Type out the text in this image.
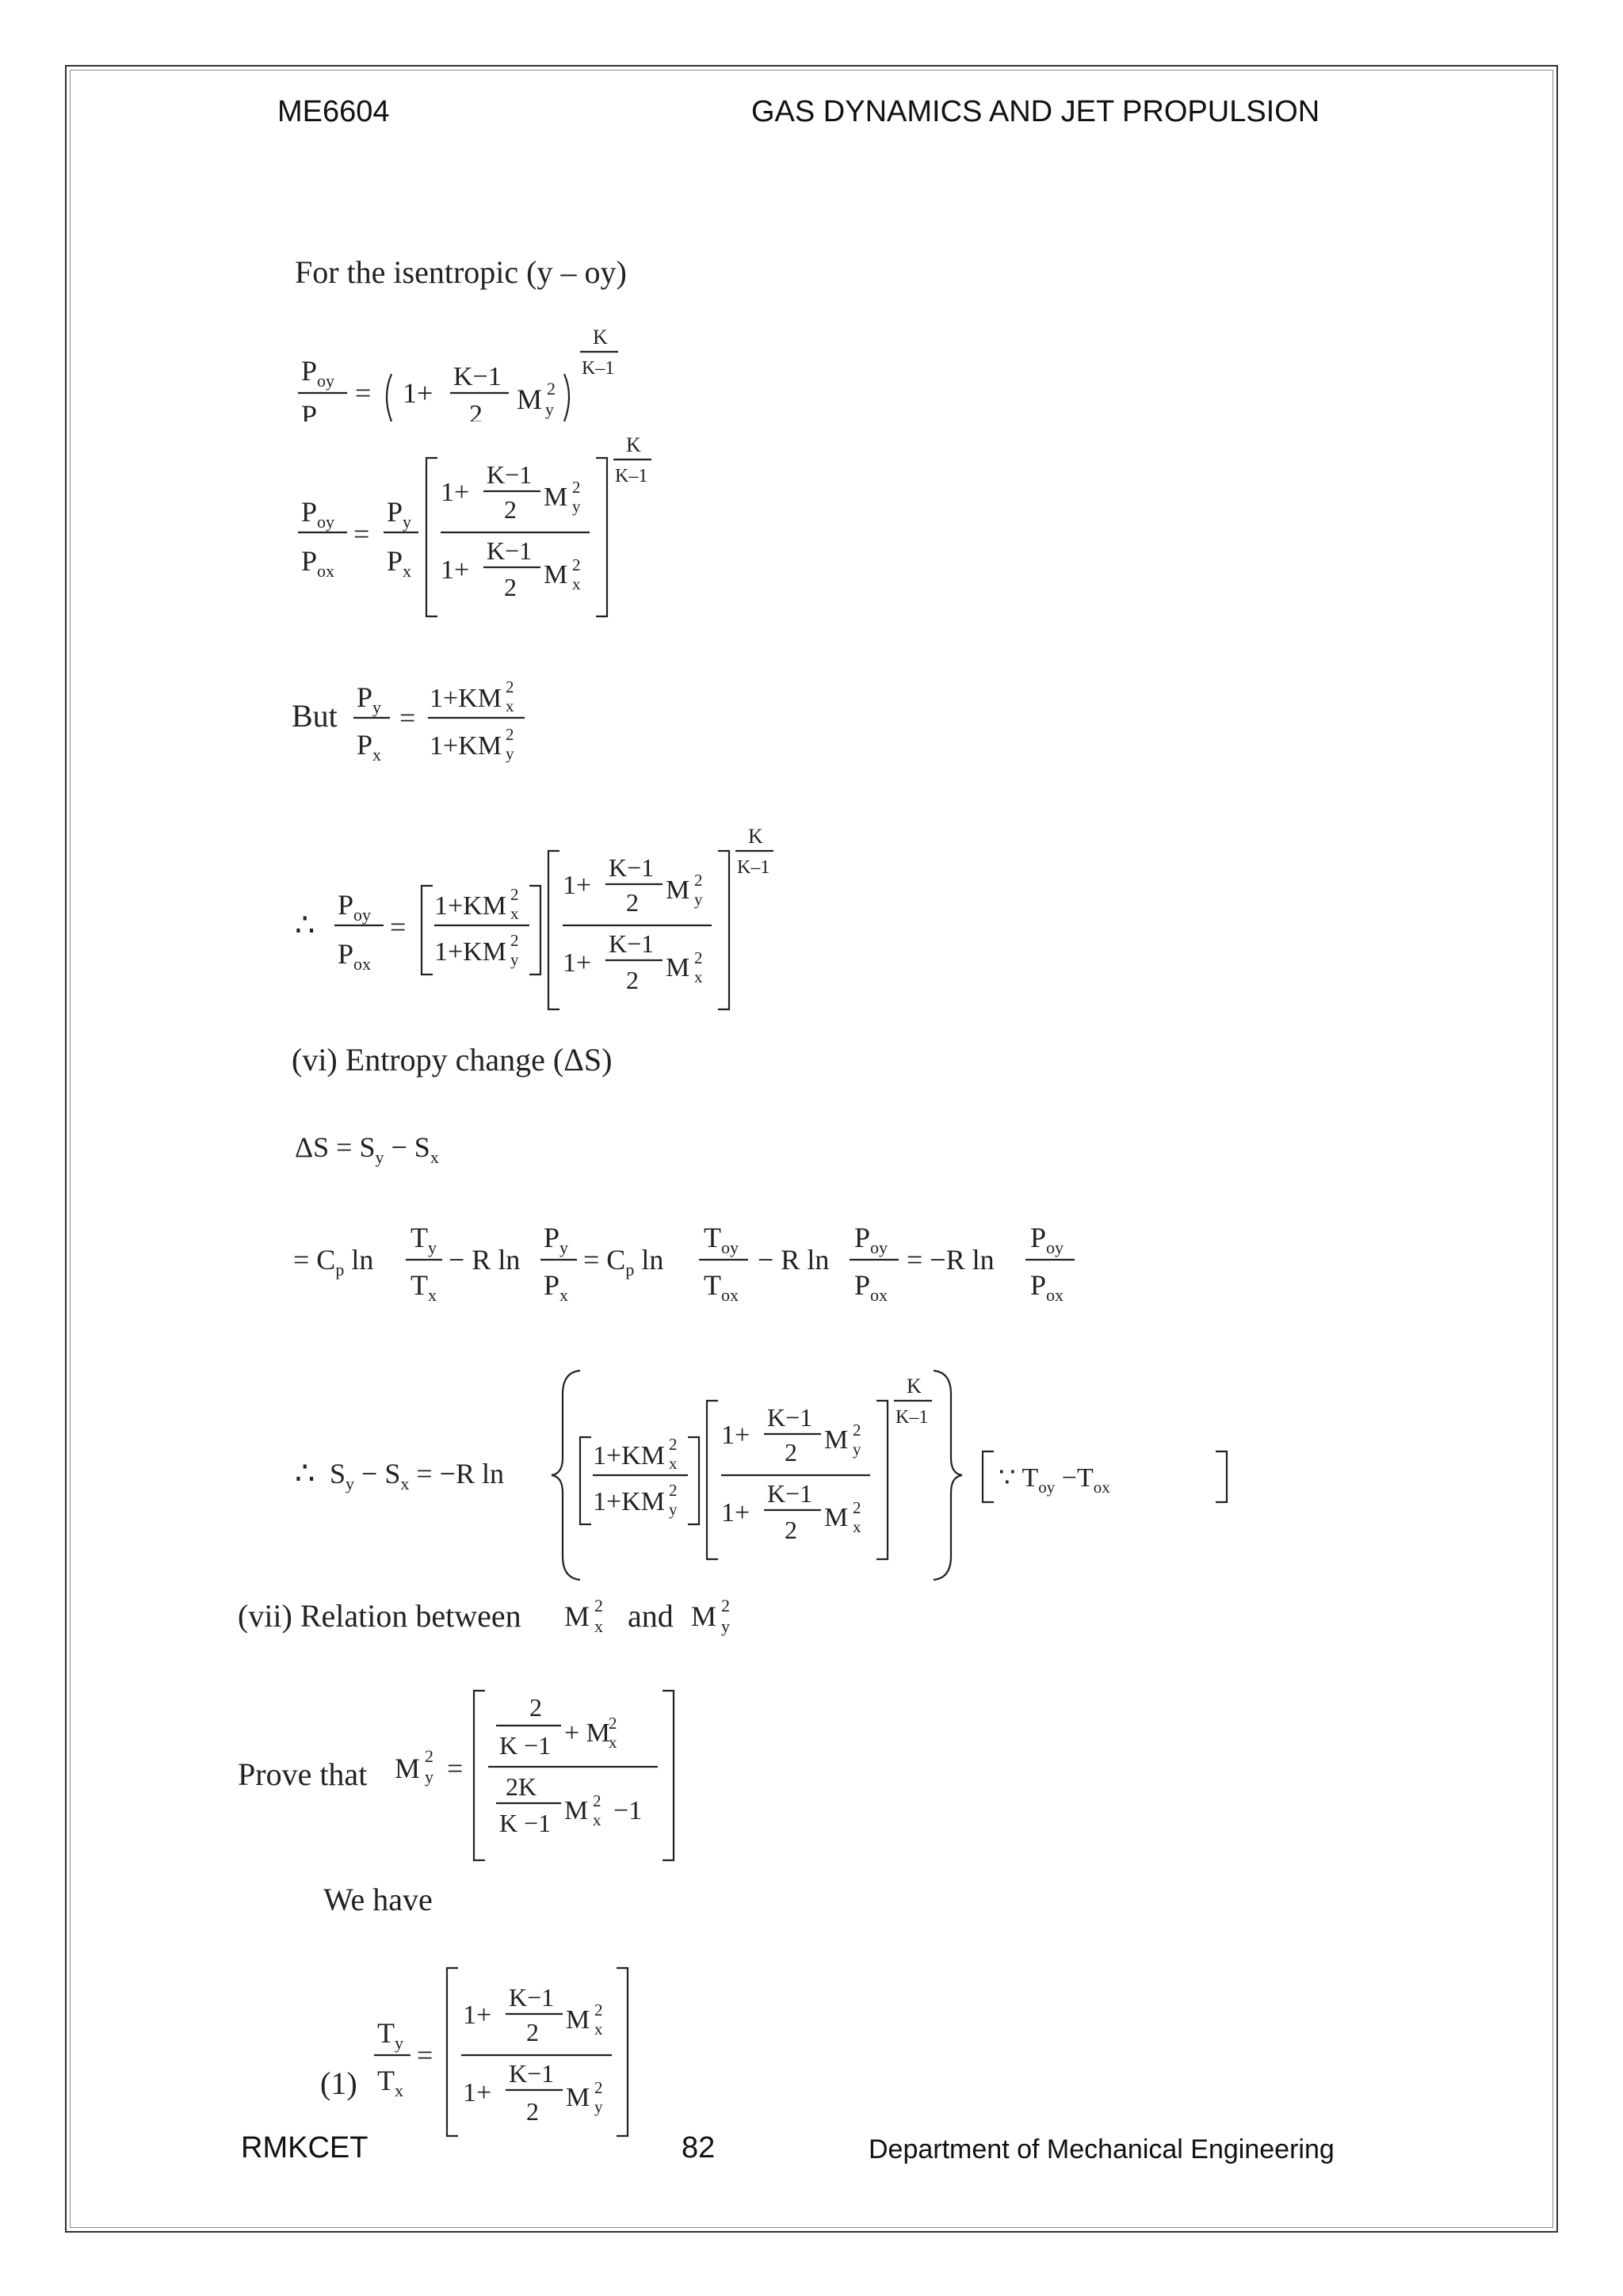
ME6604	GAS DYNAMICS AND JET PROPULSION
For the isentropic (y – oy)
$P_{oy}$
$P_y$
= 1+
K−1
2 M 2
y
K
K–1
$P_{oy}$
$P_{ox}$
=
$P_y$
$P_x$
1+
K−1
2 M 2
y
1+
K−1
2 M 2
x
K
K–1
But
$P_y$
$P_x$
=
1+KM 2
x
1+KM 2
y
∴
$P_{oy}$
$P_{ox}$
=
1+KM 2
x
1+KM 2
y
1+
K−1
2 M 2
y
1+
K−1
2 M 2
x
K
K–1
(vi) Entropy change (ΔS)
$\Delta S = S_y - S_x$
= $C_p$ ln
$T_y$
$T_x$
− R ln
$P_y$
$P_x$
= $C_p$ ln
$T_{oy}$
$T_{ox}$
− R ln
$P_{oy}$
$P_{ox}$
= −R ln
$P_{oy}$
$P_{ox}$
∴ $S_y - S_x = -R$ ln
1+KM 2
x
1+KM 2
y
1+
K−1
2 M 2
y
1+
K−1
2 M 2
x
K
K–1
∵ $T_{oy} -T_{ox}$
(vii) Relation between M 2
x and M 2
y
Prove that M 2
y =
2
K −1 + M
2
x
2K
K −1 M 2
x −1
We have
(1)
$T_y$
$T_x$
=
1+
K−1
2 M 2
x
1+
K−1
2 M 2
y
RMKCET	82	Department of Mechanical Engineering
